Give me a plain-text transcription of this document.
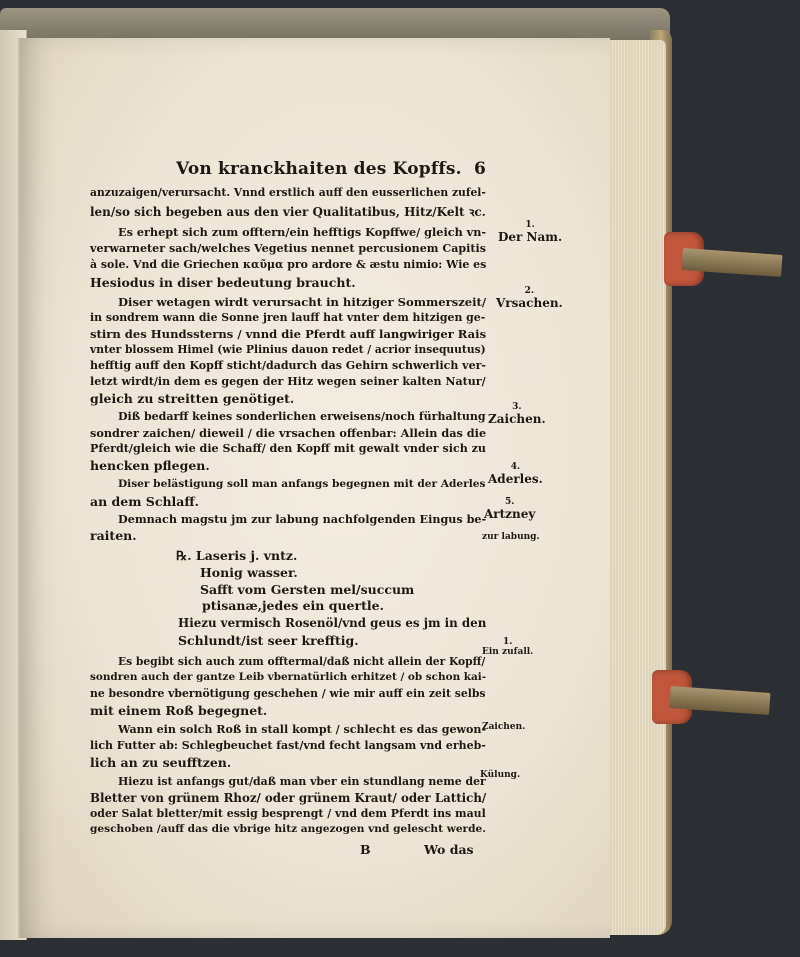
Von kranckhaiten des Kopffs. 6
anzuzaigen/verursacht. Vnnd erstlich auff den eusserlichen zufel-
len/so sich begeben aus den vier Qualitatibus, Hitz/Kelt ꝛc.
Es erhept sich zum offtern/ein hefftigs Kopffwe/ gleich vn-
verwarneter sach/welches Vegetius nennet percusionem Capitis
à sole. Vnd die Griechen καῦμα pro ardore & æstu nimio: Wie es
Hesiodus in diser bedeutung braucht.
Diser wetagen wirdt verursacht in hitziger Sommerszeit/
in sondrem wann die Sonne jren lauff hat vnter dem hitzigen ge-
stirn des Hundssterns / vnnd die Pferdt auff langwiriger Rais
vnter blossem Himel (wie Plinius dauon redet / acrior insequutus)
hefftig auff den Kopff sticht/dadurch das Gehirn schwerlich ver-
letzt wirdt/in dem es gegen der Hitz wegen seiner kalten Natur/
gleich zu streitten genötiget.
Diß bedarff keines sonderlichen erweisens/noch fürhaltung
sondrer zaichen/ dieweil / die vrsachen offenbar: Allein das die
Pferdt/gleich wie die Schaff/ den Kopff mit gewalt vnder sich zu
hencken pflegen.
Diser belästigung soll man anfangs begegnen mit der Aderles
an dem Schlaff.
Demnach magstu jm zur labung nachfolgenden Eingus be-
raiten.
℞. Laseris j. vntz.
Honig wasser.
Safft vom Gersten mel/succum
ptisanæ,jedes ein quertle.
Hiezu vermisch Rosenöl/vnd geus es jm in den
Schlundt/ist seer krefftig.
Es begibt sich auch zum offtermal/daß nicht allein der Kopff/
sondren auch der gantze Leib vbernatürlich erhitzet / ob schon kai-
ne besondre vbernötigung geschehen / wie mir auff ein zeit selbs
mit einem Roß begegnet.
Wann ein solch Roß in stall kompt / schlecht es das gewon-
lich Futter ab: Schlegbeuchet fast/vnd fecht langsam vnd erheb-
lich an zu seufftzen.
Hiezu ist anfangs gut/daß man vber ein stundlang neme der
Bletter von grünem Rhoz/ oder grünem Kraut/ oder Lattich/
oder Salat bletter/mit essig besprengt / vnd dem Pferdt ins maul
geschoben /auff das die vbrige hitz angezogen vnd gelescht werde.
B	Wo das
1.
Der Nam.
2.
Vrsachen.
3.
Zaichen.
4.
Aderles.
5.
Artzney
zur labung.
1.
Ein zufall.
Zaichen.
Külung.
